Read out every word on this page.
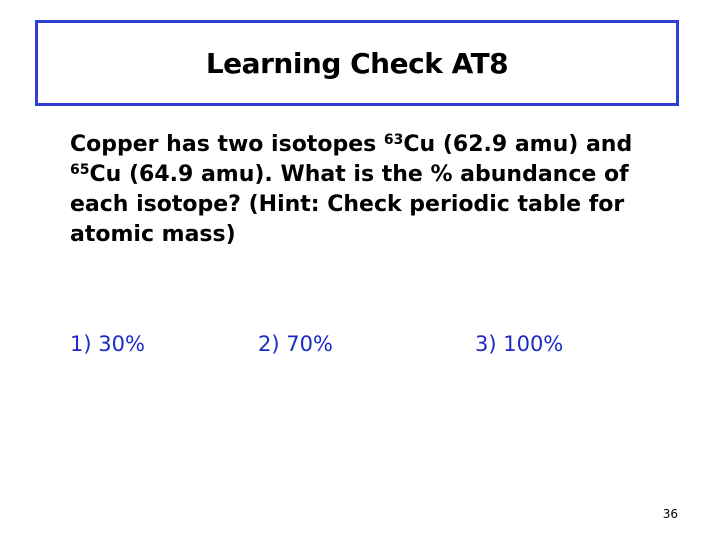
Learning Check AT8
Copper has two isotopes $^{63}$Cu (62.9 amu) and
$^{65}$Cu (64.9 amu). What is the % abundance of each isotope? (Hint: Check periodic table for atomic mass)
1) 30%	2) 70%	3) 100%
36
